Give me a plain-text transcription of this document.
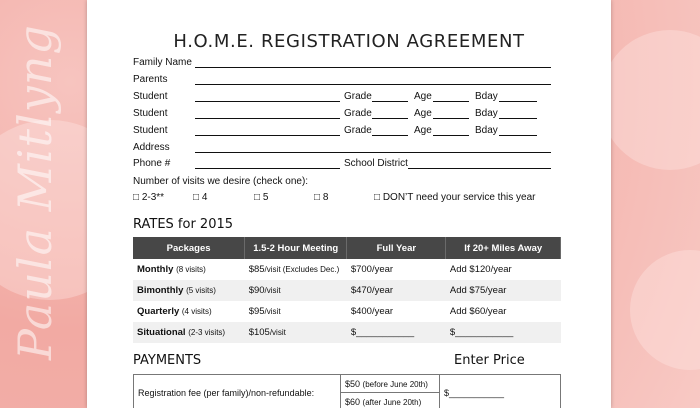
Paula Mitlyng	H.O.M.E. REGISTRATION AGREEMENT
Family Name
Parents
Student	Grade	Age	Bday
Student	Grade	Age	Bday
Student	Grade	Age	Bday
Address
Phone #	School District
Number of visits we desire (check one):
□ 2-3**	□ 4	□ 5	□ 8	□ DON’T need your service this year
RATES for 2015
Packages	1.5-2 Hour Meeting	Full Year	If 20+ Miles Away
Monthly (8 visits)	$85/visit (Excludes Dec.)	$700/year	Add $120/year
Bimonthly (5 visits)	$90/visit	$470/year	Add $75/year
Quarterly (4 visits)	$95/visit	$400/year	Add $60/year
Situational (2-3 visits)	$105/visit	$___________	$___________
PAYMENTS	Enter Price
Registration fee (per family)/non-refundable:	$50 (before June 20th)	$___________
$60 (after June 20th)
